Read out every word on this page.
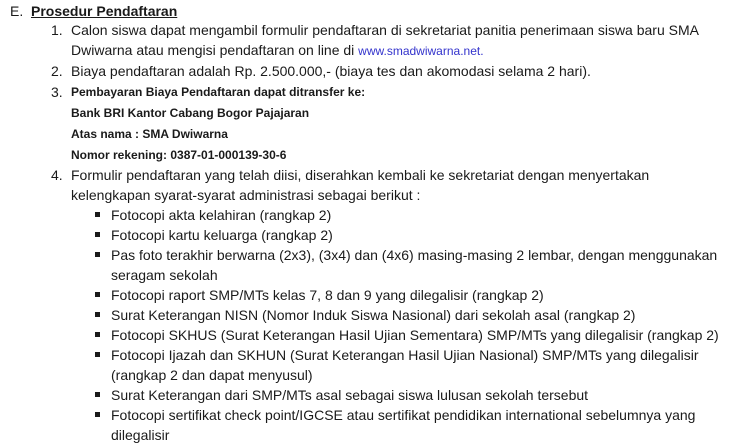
E. Prosedur Pendaftaran
1. Calon siswa dapat mengambil formulir pendaftaran di sekretariat panitia penerimaan siswa baru SMA
Dwiwarna atau mengisi pendaftaran on line di www.smadwiwarna.net.
2. Biaya pendaftaran adalah Rp. 2.500.000,- (biaya tes dan akomodasi selama 2 hari).
3. Pembayaran Biaya Pendaftaran dapat ditransfer ke:
Bank BRI Kantor Cabang Bogor Pajajaran
Atas nama : SMA Dwiwarna
Nomor rekening: 0387-01-000139-30-6
4. Formulir pendaftaran yang telah diisi, diserahkan kembali ke sekretariat dengan menyertakan
kelengkapan syarat-syarat administrasi sebagai berikut :
Fotocopi akta kelahiran (rangkap 2)
Fotocopi kartu keluarga (rangkap 2)
Pas foto terakhir berwarna (2x3), (3x4) dan (4x6) masing-masing 2 lembar, dengan menggunakan
seragam sekolah
Fotocopi raport SMP/MTs kelas 7, 8 dan 9 yang dilegalisir (rangkap 2)
Surat Keterangan NISN (Nomor Induk Siswa Nasional) dari sekolah asal (rangkap 2)
Fotocopi SKHUS (Surat Keterangan Hasil Ujian Sementara) SMP/MTs yang dilegalisir (rangkap 2)
Fotocopi Ijazah dan SKHUN (Surat Keterangan Hasil Ujian Nasional) SMP/MTs yang dilegalisir
(rangkap 2 dan dapat menyusul)
Surat Keterangan dari SMP/MTs asal sebagai siswa lulusan sekolah tersebut
Fotocopi sertifikat check point/IGCSE atau sertifikat pendidikan international sebelumnya yang
dilegalisir
